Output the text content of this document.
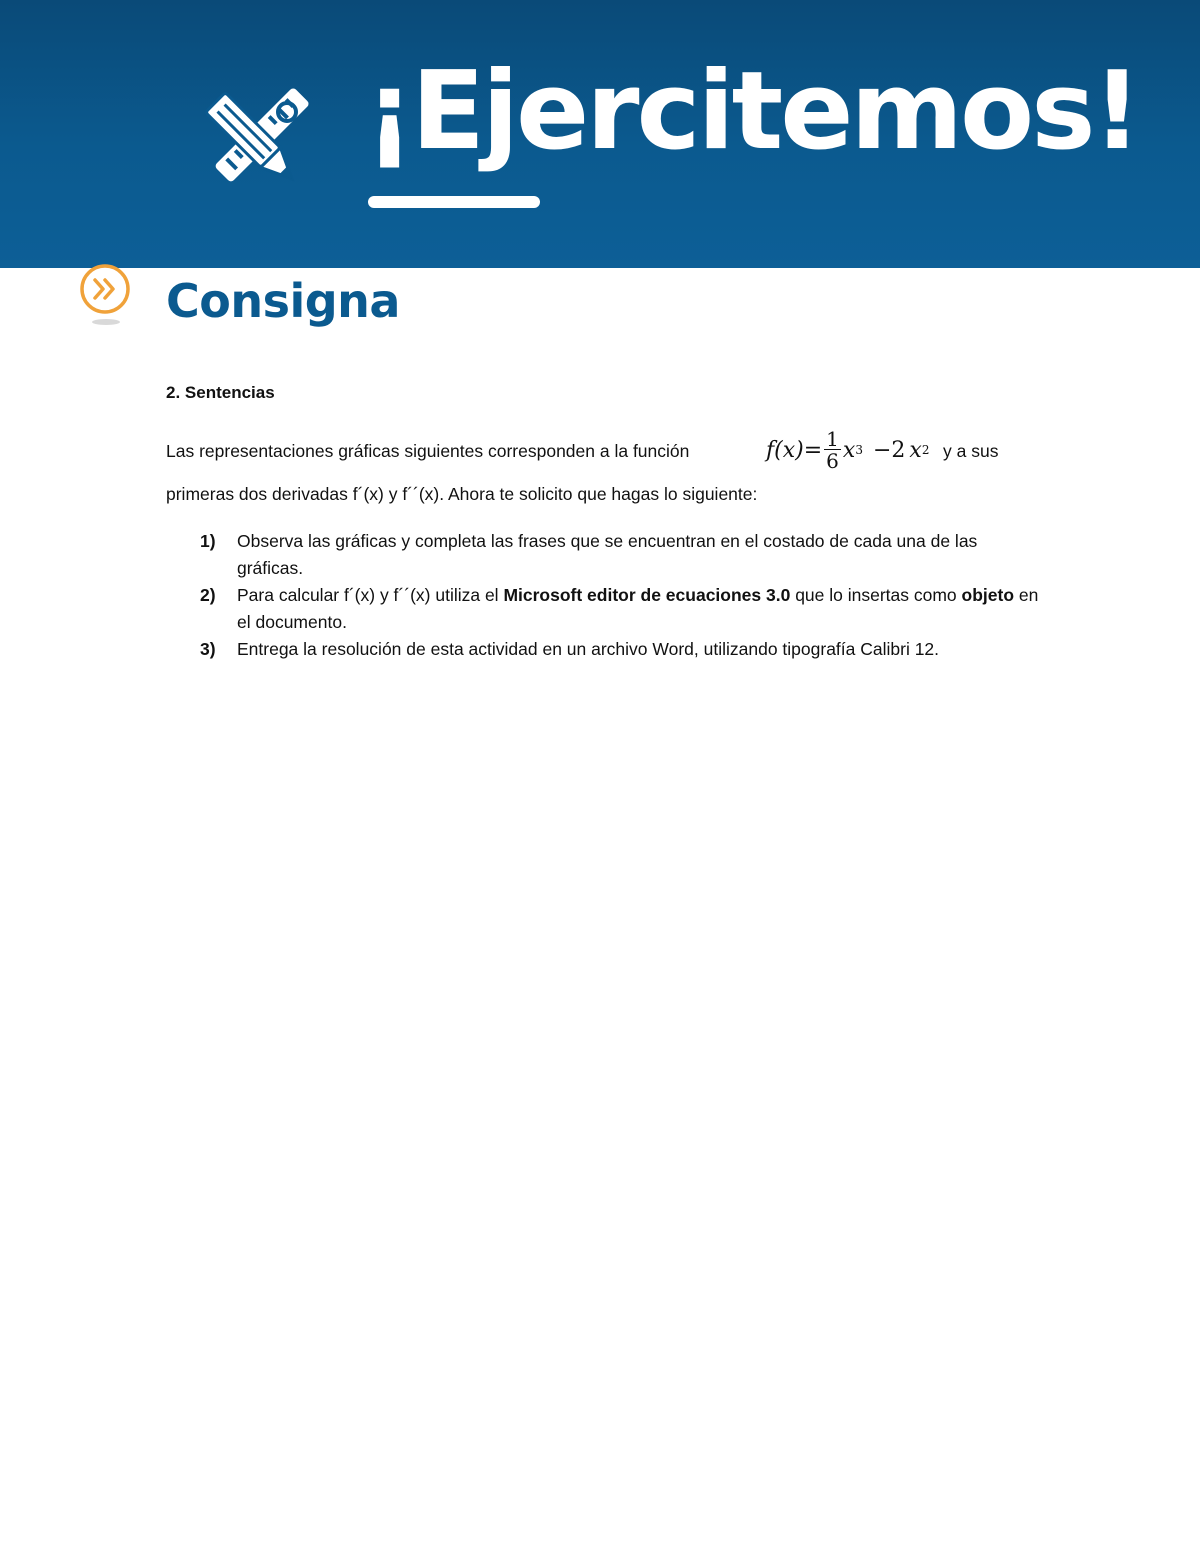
¡Ejercitemos!
Consigna
2. Sentencias
Las representaciones gráficas siguientes corresponden a la función	$f(x)= \frac{1}{6}$ x 3 −2 x 2 y a sus
primeras dos derivadas f´(x) y f´´(x). Ahora te solicito que hagas lo siguiente:
1)	Observa las gráficas y completa las frases que se encuentran en el costado de cada una de las gráficas.
2)	Para calcular f´(x) y f´´(x) utiliza el Microsoft editor de ecuaciones 3.0 que lo insertas como objeto en el documento.
3)	Entrega la resolución de esta actividad en un archivo Word, utilizando tipografía Calibri 12.
